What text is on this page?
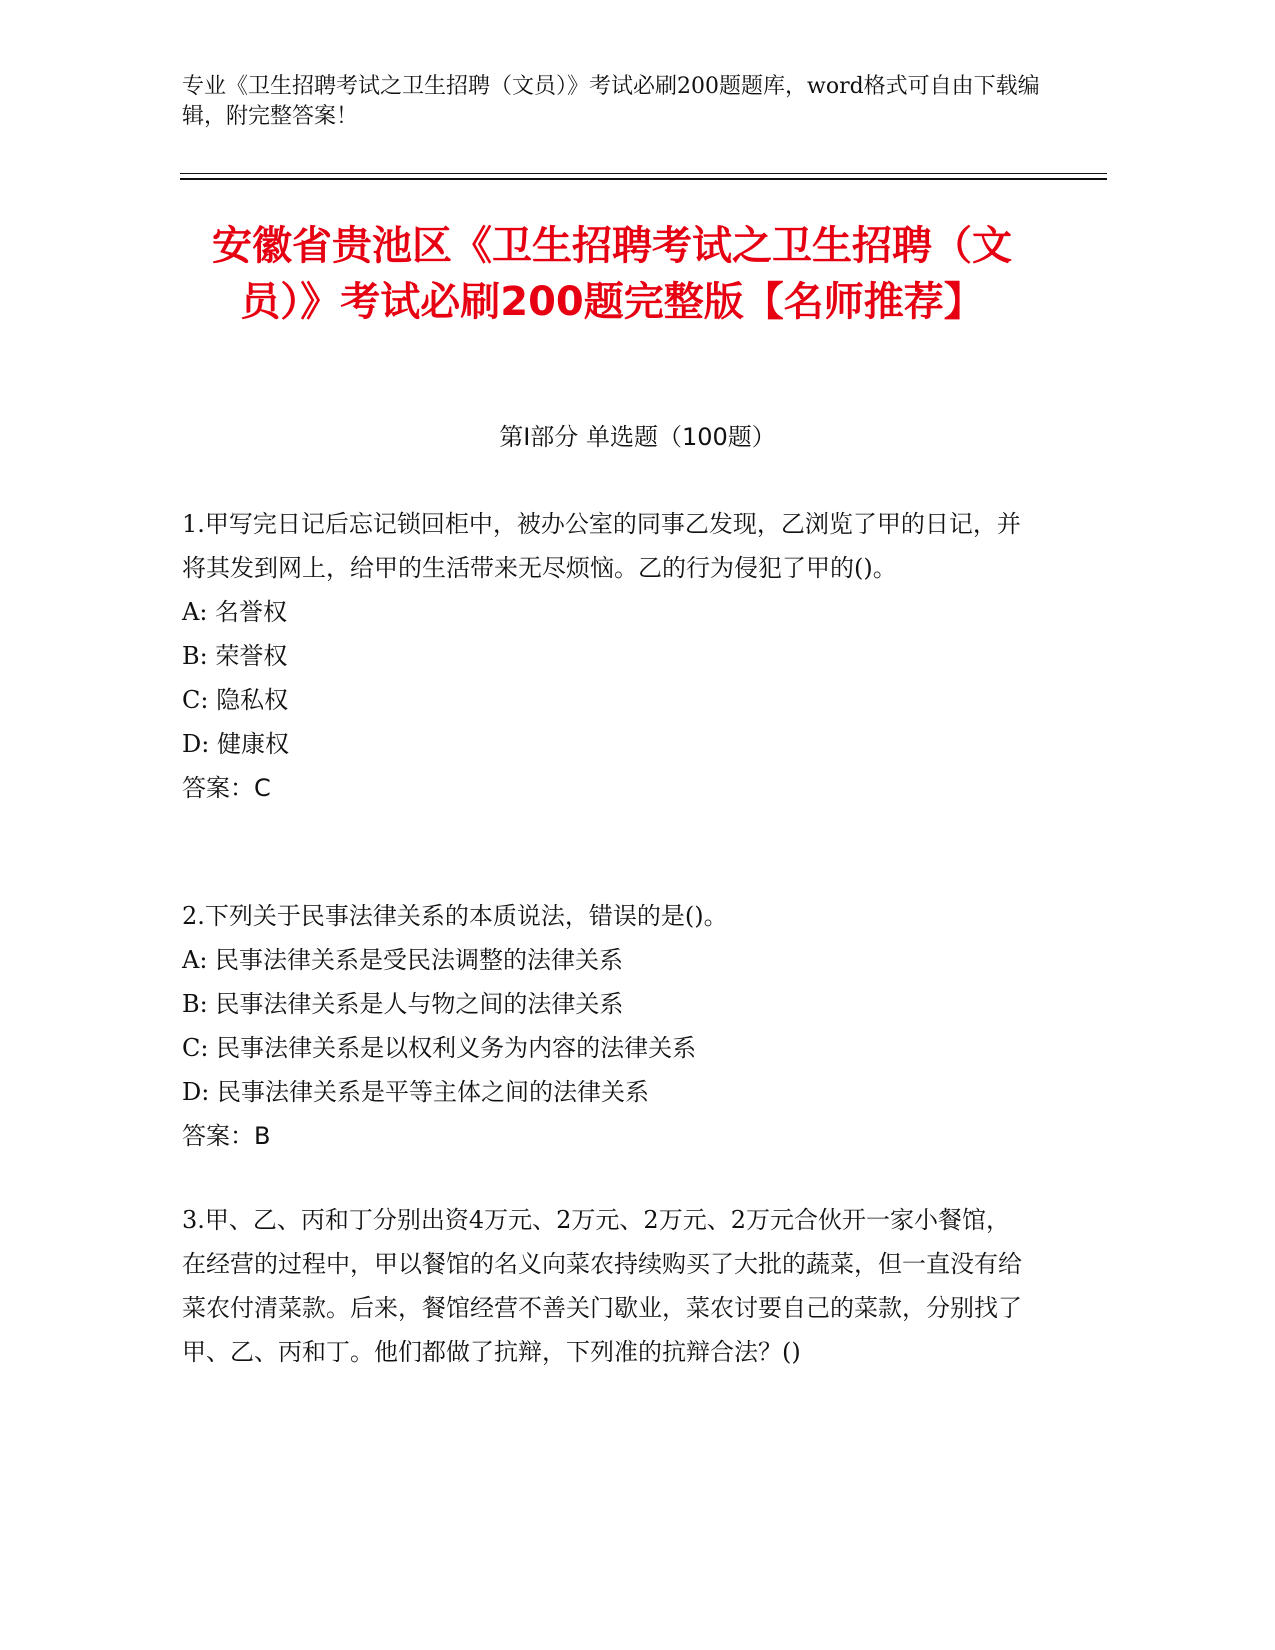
专业《卫生招聘考试之卫生招聘（文员）》考试必刷200题题库，word格式可自由下载编辑，附完整答案！
安徽省贵池区《卫生招聘考试之卫生招聘（文员）》考试必刷200题完整版【名师推荐】
第I部分 单选题（100题）

1.甲写完日记后忘记锁回柜中，被办公室的同事乙发现，乙浏览了甲的日记，并将其发到网上，给甲的生活带来无尽烦恼。乙的行为侵犯了甲的()。

A: 名誉权

B: 荣誉权

C: 隐私权

D: 健康权

答案：C

2.下列关于民事法律关系的本质说法，错误的是()。

A: 民事法律关系是受民法调整的法律关系

B: 民事法律关系是人与物之间的法律关系

C: 民事法律关系是以权利义务为内容的法律关系

D: 民事法律关系是平等主体之间的法律关系

答案：B

3.甲、乙、丙和丁分别出资4万元、2万元、2万元、2万元合伙开一家小餐馆，在经营的过程中，甲以餐馆的名义向菜农持续购买了大批的蔬菜，但一直没有给菜农付清菜款。后来，餐馆经营不善关门歇业，菜农讨要自己的菜款，分别找了甲、乙、丙和丁。他们都做了抗辩，下列准的抗辩合法？()
